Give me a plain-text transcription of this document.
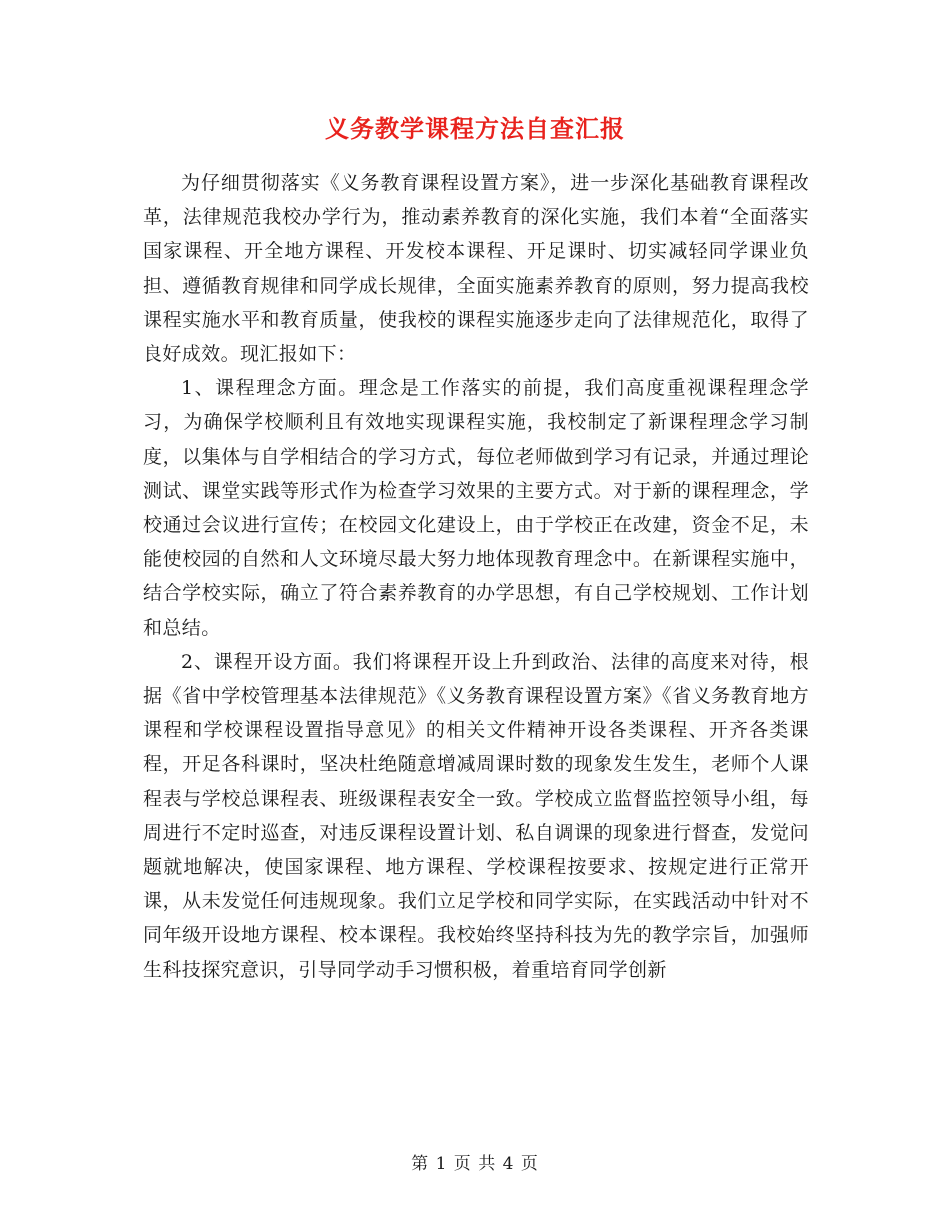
义务教学课程方法自查汇报

为仔细贯彻落实《义务教育课程设置方案》，进一步深化基础教育课程改革，法律规范我校办学行为，推动素养教育的深化实施，我们本着“全面落实国家课程、开全地方课程、开发校本课程、开足课时、切实减轻同学课业负担、遵循教育规律和同学成长规律，全面实施素养教育的原则，努力提高我校课程实施水平和教育质量，使我校的课程实施逐步走向了法律规范化，取得了良好成效。现汇报如下：

1、课程理念方面。理念是工作落实的前提，我们高度重视课程理念学习，为确保学校顺利且有效地实现课程实施，我校制定了新课程理念学习制度，以集体与自学相结合的学习方式，每位老师做到学习有记录，并通过理论测试、课堂实践等形式作为检查学习效果的主要方式。对于新的课程理念，学校通过会议进行宣传；在校园文化建设上，由于学校正在改建，资金不足，未能使校园的自然和人文环境尽最大努力地体现教育理念中。在新课程实施中，结合学校实际，确立了符合素养教育的办学思想，有自己学校规划、工作计划和总结。

2、课程开设方面。我们将课程开设上升到政治、法律的高度来对待，根据《省中学校管理基本法律规范》《义务教育课程设置方案》《省义务教育地方课程和学校课程设置指导意见》的相关文件精神开设各类课程、开齐各类课程，开足各科课时，坚决杜绝随意增减周课时数的现象发生发生，老师个人课程表与学校总课程表、班级课程表安全一致。学校成立监督监控领导小组，每周进行不定时巡查，对违反课程设置计划、私自调课的现象进行督查，发觉问题就地解决，使国家课程、地方课程、学校课程按要求、按规定进行正常开课，从未发觉任何违规现象。我们立足学校和同学实际，在实践活动中针对不同年级开设地方课程、校本课程。我校始终坚持科技为先的教学宗旨，加强师生科技探究意识，引导同学动手习惯积极，着重培育同学创新

第 1 页 共 4 页
